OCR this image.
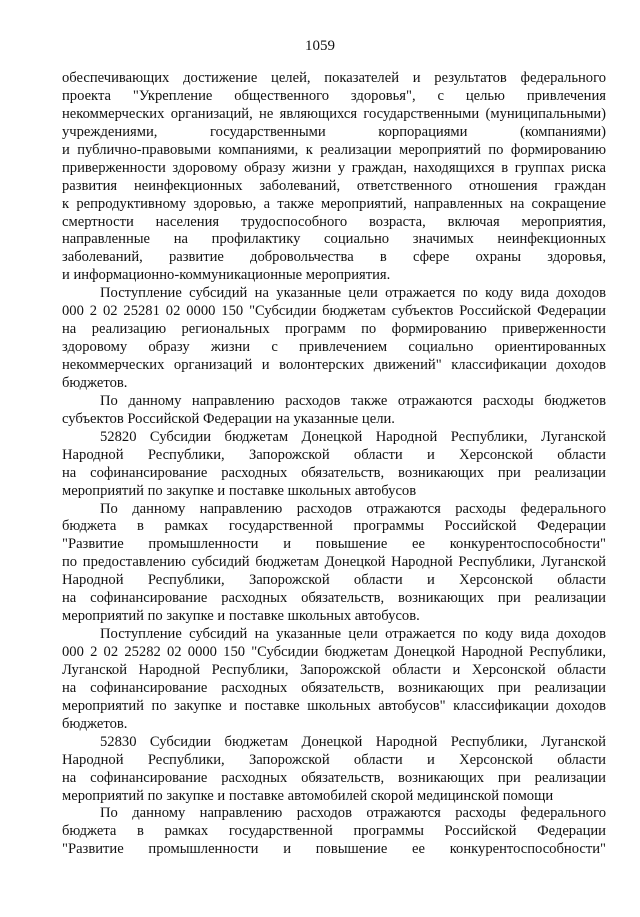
1059
обеспечивающих достижение целей, показателей и результатов федерального
проекта "Укрепление общественного здоровья", с целью привлечения
некоммерческих организаций, не являющихся государственными (муниципальными)
учреждениями, государственными корпорациями (компаниями)
и публично-правовыми компаниями, к реализации мероприятий по формированию
приверженности здоровому образу жизни у граждан, находящихся в группах риска
развития неинфекционных заболеваний, ответственного отношения граждан
к репродуктивному здоровью, а также мероприятий, направленных на сокращение
смертности населения трудоспособного возраста, включая мероприятия,
направленные на профилактику социально значимых неинфекционных
заболеваний, развитие добровольчества в сфере охраны здоровья,
и информационно-коммуникационные мероприятия.
Поступление субсидий на указанные цели отражается по коду вида доходов
000 2 02 25281 02 0000 150 "Субсидии бюджетам субъектов Российской Федерации
на реализацию региональных программ по формированию приверженности
здоровому образу жизни с привлечением социально ориентированных
некоммерческих организаций и волонтерских движений" классификации доходов
бюджетов.
По данному направлению расходов также отражаются расходы бюджетов
субъектов Российской Федерации на указанные цели.
52820 Субсидии бюджетам Донецкой Народной Республики, Луганской
Народной Республики, Запорожской области и Херсонской области
на софинансирование расходных обязательств, возникающих при реализации
мероприятий по закупке и поставке школьных автобусов
По данному направлению расходов отражаются расходы федерального
бюджета в рамках государственной программы Российской Федерации
"Развитие промышленности и повышение ее конкурентоспособности"
по предоставлению субсидий бюджетам Донецкой Народной Республики, Луганской
Народной Республики, Запорожской области и Херсонской области
на софинансирование расходных обязательств, возникающих при реализации
мероприятий по закупке и поставке школьных автобусов.
Поступление субсидий на указанные цели отражается по коду вида доходов
000 2 02 25282 02 0000 150 "Субсидии бюджетам Донецкой Народной Республики,
Луганской Народной Республики, Запорожской области и Херсонской области
на софинансирование расходных обязательств, возникающих при реализации
мероприятий по закупке и поставке школьных автобусов" классификации доходов
бюджетов.
52830 Субсидии бюджетам Донецкой Народной Республики, Луганской
Народной Республики, Запорожской области и Херсонской области
на софинансирование расходных обязательств, возникающих при реализации
мероприятий по закупке и поставке автомобилей скорой медицинской помощи
По данному направлению расходов отражаются расходы федерального
бюджета в рамках государственной программы Российской Федерации
"Развитие промышленности и повышение ее конкурентоспособности"
